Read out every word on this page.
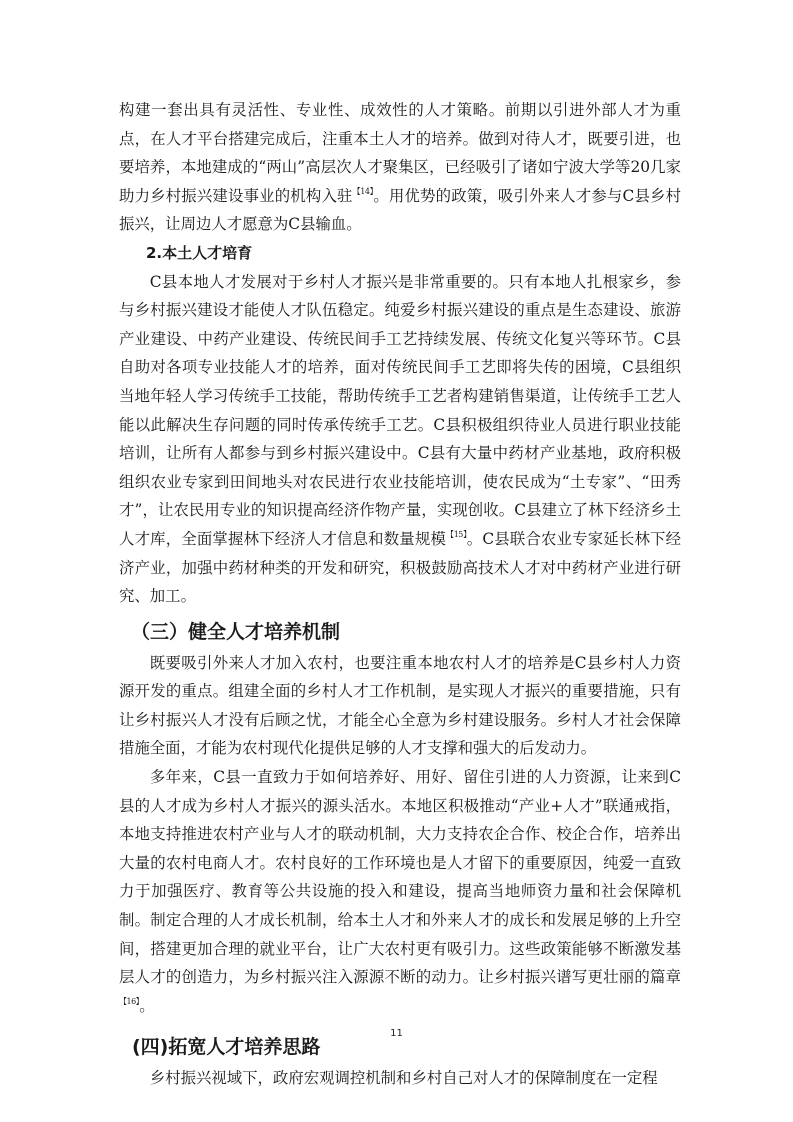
构建一套出具有灵活性、专业性、成效性的人才策略。前期以引进外部人才为重点，在人才平台搭建完成后，注重本土人才的培养。做到对待人才，既要引进，也要培养，本地建成的“两山”高层次人才聚集区，已经吸引了诸如宁波大学等20几家助力乡村振兴建设事业的机构入驻$^{【14】}$。用优势的政策，吸引外来人才参与C县乡村振兴，让周边人才愿意为C县输血。

2.本土人才培育

C县本地人才发展对于乡村人才振兴是非常重要的。只有本地人扎根家乡，参与乡村振兴建设才能使人才队伍稳定。纯爱乡村振兴建设的重点是生态建设、旅游产业建设、中药产业建设、传统民间手工艺持续发展、传统文化复兴等环节。C县自助对各项专业技能人才的培养，面对传统民间手工艺即将失传的困境，C县组织当地年轻人学习传统手工技能，帮助传统手工艺者构建销售渠道，让传统手工艺人能以此解决生存问题的同时传承传统手工艺。C县积极组织待业人员进行职业技能培训，让所有人都参与到乡村振兴建设中。C县有大量中药材产业基地，政府积极组织农业专家到田间地头对农民进行农业技能培训，使农民成为“土专家”、“田秀才”，让农民用专业的知识提高经济作物产量，实现创收。C县建立了林下经济乡土人才库，全面掌握林下经济人才信息和数量规模$^{【15】}$。C县联合农业专家延长林下经济产业，加强中药材种类的开发和研究，积极鼓励高技术人才对中药材产业进行研究、加工。

（三）健全人才培养机制

既要吸引外来人才加入农村，也要注重本地农村人才的培养是C县乡村人力资源开发的重点。组建全面的乡村人才工作机制，是实现人才振兴的重要措施，只有让乡村振兴人才没有后顾之忧，才能全心全意为乡村建设服务。乡村人才社会保障措施全面，才能为农村现代化提供足够的人才支撑和强大的后发动力。

多年来，C县一直致力于如何培养好、用好、留住引进的人力资源，让来到C县的人才成为乡村人才振兴的源头活水。本地区积极推动“产业+人才”联通戒指，本地支持推进农村产业与人才的联动机制，大力支持农企合作、校企合作，培养出大量的农村电商人才。农村良好的工作环境也是人才留下的重要原因，纯爱一直致力于加强医疗、教育等公共设施的投入和建设，提高当地师资力量和社会保障机制。制定合理的人才成长机制，给本土人才和外来人才的成长和发展足够的上升空间，搭建更加合理的就业平台，让广大农村更有吸引力。这些政策能够不断激发基层人才的创造力，为乡村振兴注入源源不断的动力。让乡村振兴谱写更壮丽的篇章$^{【16】}$。

(四)拓宽人才培养思路

乡村振兴视域下，政府宏观调控机制和乡村自己对人才的保障制度在一定程

11
